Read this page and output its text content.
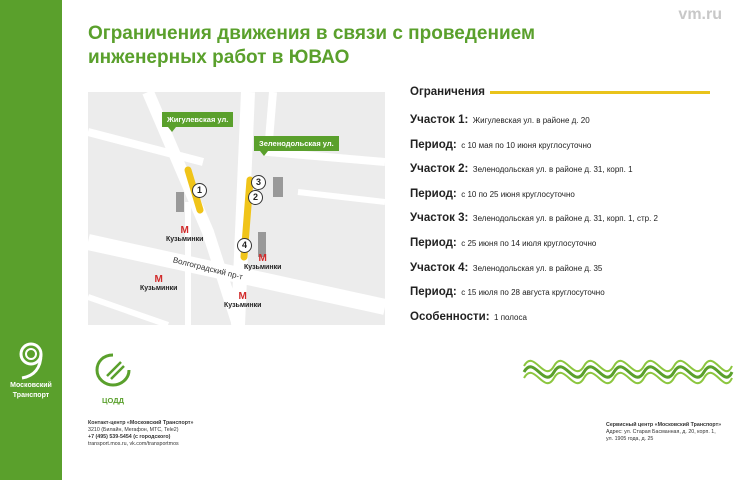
Московский
Транспорт
vm.ru
Ограничения движения в связи с проведением
инженерных работ в ЮВАО
Жигулевская ул.
Зеленодольская ул.
1
2
3
4
Волгоградский пр-т
M
Кузьминки
M
Кузьминки
M
Кузьминки
M
Кузьминки
Ограничения
Участок 1: Жигулевская ул. в районе д. 20
Период: с 10 мая по 10 июня круглосуточно
Участок 2: Зеленодольская ул. в районе д. 31, корп. 1
Период: с 10 по 25 июня круглосуточно
Участок 3: Зеленодольская ул. в районе д. 31, корп. 1, стр. 2
Период: с 25 июня по 14 июля круглосуточно
Участок 4: Зеленодольская ул. в районе д. 35
Период: с 15 июля по 28 августа круглосуточно
Особенности: 1 полоса
ЦОДД
Контакт-центр «Московский Транспорт»
3210 (Билайн, Мегафон, МТС, Tele2)
+7 (495) 539-5454 (с городского)
transport.mos.ru, vk.com/transportmos
Сервисный центр «Московский Транспорт»
Адрес: ул. Старая Басманная, д. 20, корп. 1,
ул. 1905 года, д. 25
